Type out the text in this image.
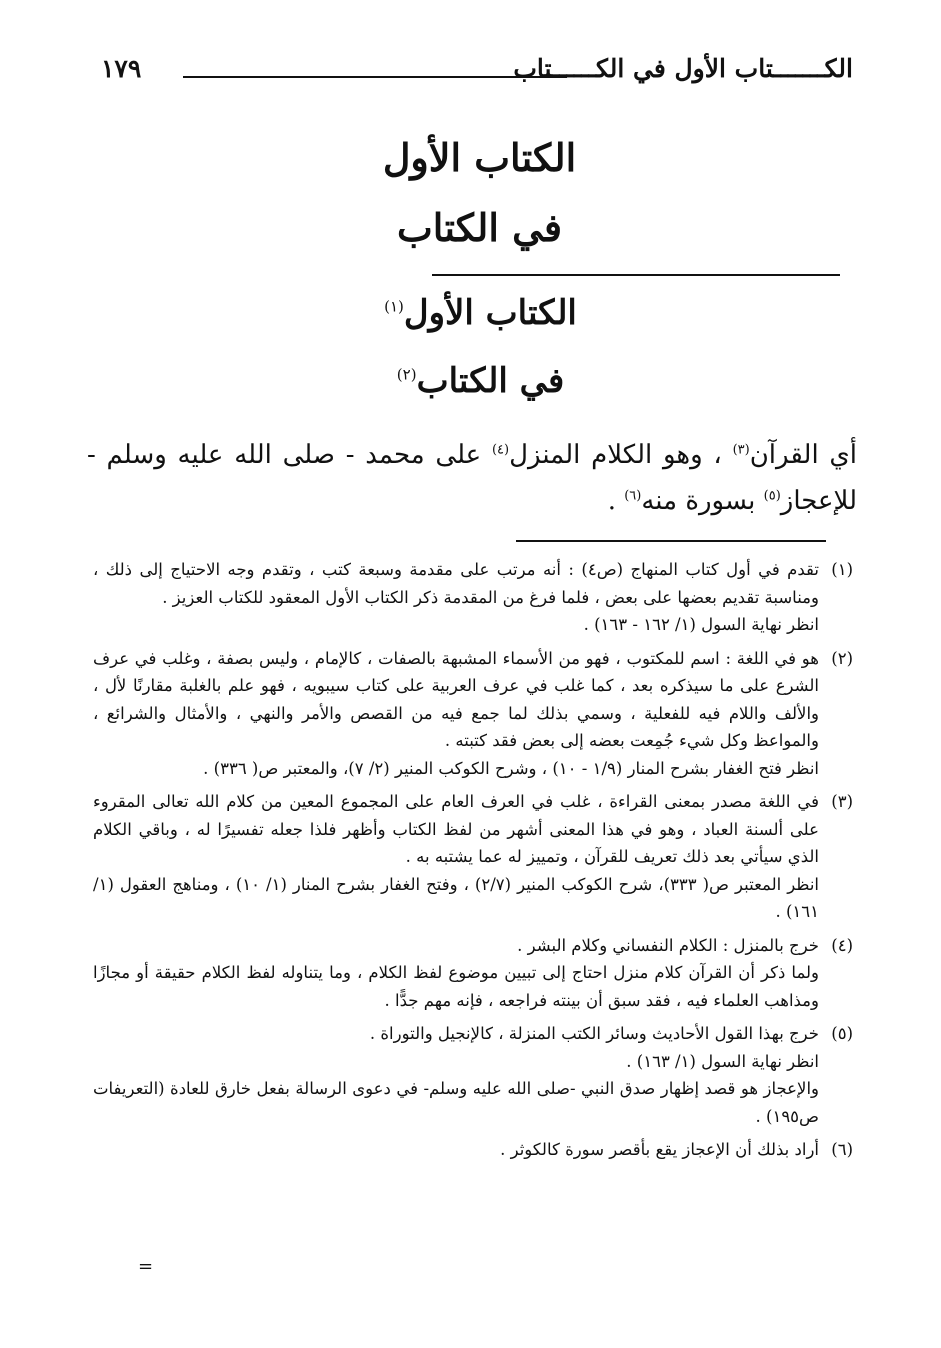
الكـــــــتاب الأول في الكــــــتاب
١٧٩
الكتاب الأول
في الكتاب
الكتاب الأول$^{(١)}$
في الكتاب$^{(٢)}$

أي القرآن$^{(٣)}$ ، وهو الكلام المنزل$^{(٤)}$ على محمد - صلى الله عليه وسلم - للإعجاز$^{(٥)}$ بسورة منه$^{(٦)}$ .

(١)

تقدم في أول كتاب المنهاج (ص٤) : أنه مرتب على مقدمة وسبعة كتب ، وتقدم وجه الاحتياج إلى ذلك ، ومناسبة تقديم بعضها على بعض ، فلما فرغ من المقدمة ذكر الكتاب الأول المعقود للكتاب العزيز .

انظر نهاية السول (١/ ١٦٢ - ١٦٣) .

(٢)

هو في اللغة : اسم للمكتوب ، فهو من الأسماء المشبهة بالصفات ، كالإمام ، وليس بصفة ، وغلب في عرف الشرع على ما سيذكره بعد ، كما غلب في عرف العربية على كتاب سيبويه ، فهو علم بالغلبة مقارنًا لأل ، والألف واللام فيه للفعلية ، وسمي بذلك لما جمع فيه من القصص والأمر والنهي ، والأمثال والشرائع ، والمواعظ وكل شيء جُمِعت بعضه إلى بعض فقد كتبته .

انظر فتح الغفار بشرح المنار (١/٩ - ١٠) ، وشرح الكوكب المنير (٢/ ٧)، والمعتبر ص( ٣٣٦) .

(٣)

في اللغة مصدر بمعنى القراءة ، غلب في العرف العام على المجموع المعين من كلام الله تعالى المقروء على ألسنة العباد ، وهو في هذا المعنى أشهر من لفظ الكتاب وأظهر فلذا جعله تفسيرًا له ، وباقي الكلام الذي سيأتي بعد ذلك تعريف للقرآن ، وتمييز له عما يشتبه به .

انظر المعتبر ص( ٣٣٣)، شرح الكوكب المنير (٢/٧) ، وفتح الغفار بشرح المنار (١/ ١٠) ، ومناهج العقول (١/ ١٦١) .

(٤)

خرج بالمنزل : الكلام النفساني وكلام البشر .

ولما ذكر أن القرآن كلام منزل احتاج إلى تبيين موضوع لفظ الكلام ، وما يتناوله لفظ الكلام حقيقة أو مجازًا ومذاهب العلماء فيه ، فقد سبق أن بينته فراجعه ، فإنه مهم جدًّا .

(٥)

خرج بهذا القول الأحاديث وسائر الكتب المنزلة ، كالإنجيل والتوراة .

انظر نهاية السول (١/ ١٦٣) .

والإعجاز هو قصد إظهار صدق النبي -صلى الله عليه وسلم- في دعوى الرسالة بفعل خارق للعادة (التعريفات ص١٩٥) .

(٦)

أراد بذلك أن الإعجاز يقع بأقصر سورة كالكوثر .

=
